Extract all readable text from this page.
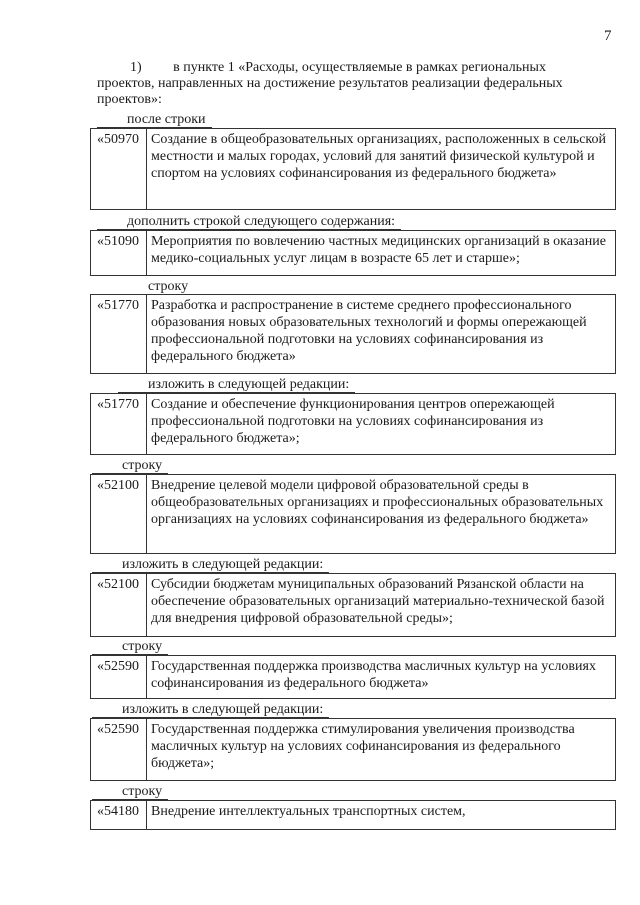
7
1)         в пункте 1 «Расходы, осуществляемые в рамках региональных
проектов, направленных на достижение результатов реализации федеральных проектов»:
после строки
«50970 Создание в общеобразовательных организациях, расположенных в сельской местности и малых городах, условий для занятий физической культурой и спортом на условиях софинансирования из федерального бюджета»
дополнить строкой следующего содержания:
«51090 Мероприятия по вовлечению частных медицинских организаций в оказание медико-социальных услуг лицам в возрасте 65 лет и старше»;
строку
«51770 Разработка и распространение в системе среднего профессионального образования новых образовательных технологий и формы опережающей профессиональной подготовки на условиях софинансирования из федерального бюджета»
изложить в следующей редакции:
«51770 Создание и обеспечение функционирования центров опережающей профессиональной подготовки на условиях софинансирования из федерального бюджета»;
строку
«52100 Внедрение целевой модели цифровой образовательной среды в общеобразовательных организациях и профессиональных образовательных организациях на условиях софинансирования из федерального бюджета»
изложить в следующей редакции:
«52100 Субсидии бюджетам муниципальных образований Рязанской области на обеспечение образовательных организаций материально-технической базой для внедрения цифровой образовательной среды»;
строку
«52590 Государственная поддержка производства масличных культур на условиях софинансирования из федерального бюджета»
изложить в следующей редакции:
«52590 Государственная поддержка стимулирования увеличения производства масличных культур на условиях софинансирования из федерального бюджета»;
строку
«54180 Внедрение интеллектуальных транспортных систем,
